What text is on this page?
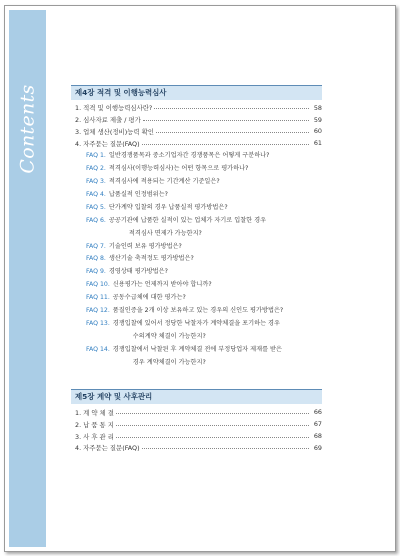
Contents	제4장 적격 및 이행능력심사
1. 적격 및 이행능력심사란?	58
2. 심사자료 제출 / 평가	59
3. 업체 생산(정비)능력 확인	60
4. 자주묻는 질문(FAQ)	61
FAQ 1. 일반경쟁품목과 중소기업자간 경쟁품목은 어떻게 구분하나?
FAQ 2. 적격심사(이행능력심사)는 어떤 항목으로 평가하나?
FAQ 3. 적격심사에 적용되는 기간계산 기준일은?
FAQ 4. 납품실적 인정범위는?
FAQ 5. 단가계약 입찰의 경우 납품실적 평가방법은?
FAQ 6. 공공기관에 납품한 실적이 있는 업체가 자기로 입찰한 경우
적격심사 면제가 가능한지?
FAQ 7. 기술인력 보유 평가방법은?
FAQ 8. 생산기술 축적정도 평가방법은?
FAQ 9. 경영상태 평가방법은?
FAQ 10. 신용평가는 언제까지 받아야 합니까?
FAQ 11. 공동수급체에 대한 평가는?
FAQ 12. 품질인증을 2개 이상 보유하고 있는 경우의 신인도 평가방법은?
FAQ 13. 경쟁입찰에 있어서 정당한 낙찰자가 계약체결을 포기하는 경우
수의계약 체결이 가능한지?
FAQ 14. 경쟁입찰에서 낙찰된 후 계약체결 전에 부정당업자 제재를 받은
경우 계약체결이 가능한지?
제5장 계약 및 사후관리
1. 계 약 체 결	66
2. 납 품 통 지	67
3. 사 후 관 리	68
4. 자주묻는 질문(FAQ)	69
